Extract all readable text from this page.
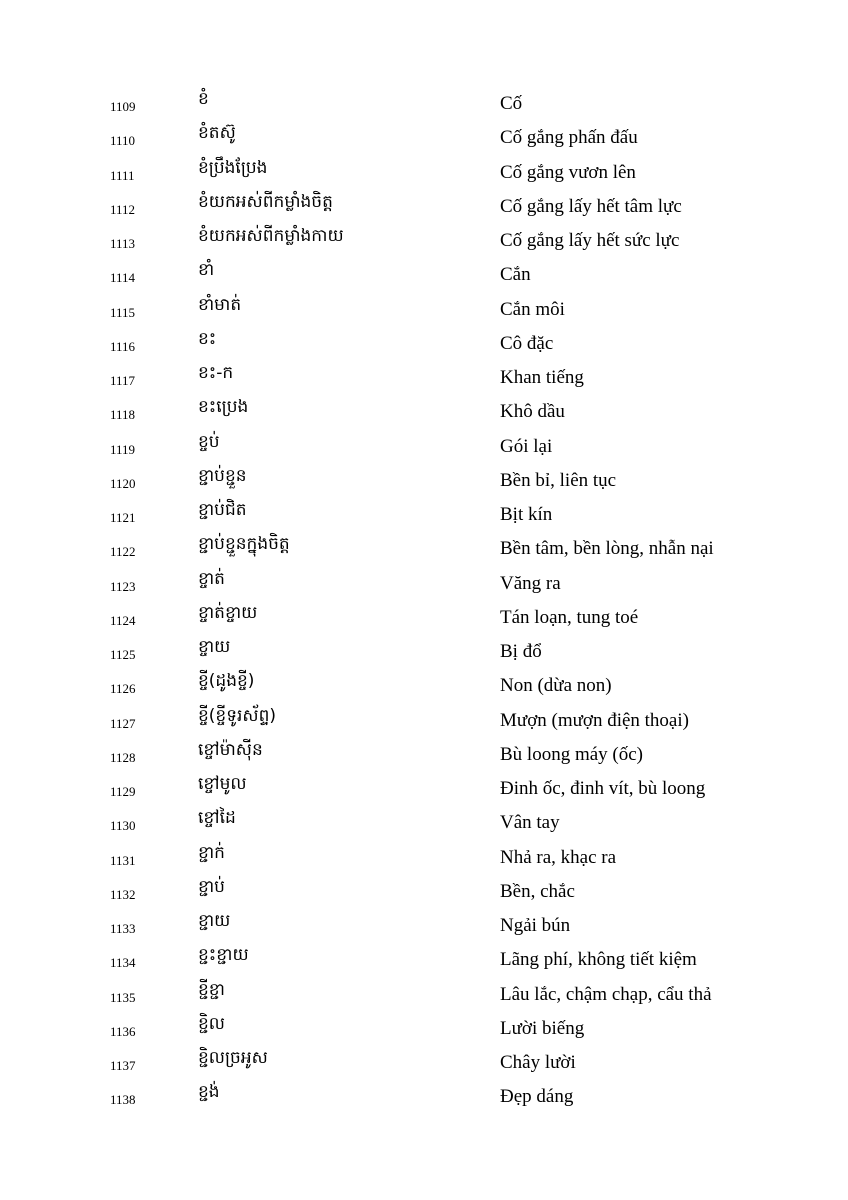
1109	ខំ	Cố
1110	ខំតស៊ូ	Cố gắng phấn đấu
1111	ខំប្រឹងប្រែង	Cố gắng vươn lên
1112	ខំយកអស់ពីកម្លាំងចិត្ត	Cố gắng lấy hết tâm lực
1113	ខំយកអស់ពីកម្លាំងកាយ	Cố gắng lấy hết sức lực
1114	ខាំ	Cắn
1115	ខាំមាត់	Cắn môi
1116	ខះ	Cô đặc
1117	ខះ-ក	Khan tiếng
1118	ខះប្រេង	Khô dầu
1119	ខ្ចប់	Gói lại
1120	ខ្ជាប់ខ្ជួន	Bền bỉ, liên tục
1121	ខ្ជាប់ជិត	Bịt kín
1122	ខ្ជាប់ខ្ជួនក្នុងចិត្ត	Bền tâm, bền lòng, nhẫn nại
1123	ខ្ចាត់	Văng ra
1124	ខ្ចាត់ខ្ចាយ	Tán loạn, tung toé
1125	ខ្ចាយ	Bị đổ
1126	ខ្ចី(ដូងខ្ចី)	Non (dừa non)
1127	ខ្ចី(ខ្ចីទូរស័ព្ទ)	Mượn (mượn điện thoại)
1128	ខ្ចៅម៉ាស៊ីន	Bù loong máy (ốc)
1129	ខ្ចៅមូល	Đinh ốc, đinh vít, bù loong
1130	ខ្ចៅដៃ	Vân tay
1131	ខ្ជាក់	Nhả ra, khạc ra
1132	ខ្ជាប់	Bền, chắc
1133	ខ្ជាយ	Ngải bún
1134	ខ្ជះខ្ជាយ	Lãng phí, không tiết kiệm
1135	ខ្ជីខ្ជា	Lâu lắc, chậm chạp, cẩu thả
1136	ខ្ជិល	Lười biếng
1137	ខ្ជិលច្រអូស	Chây lười
1138	ខ្ជង់	Đẹp dáng
